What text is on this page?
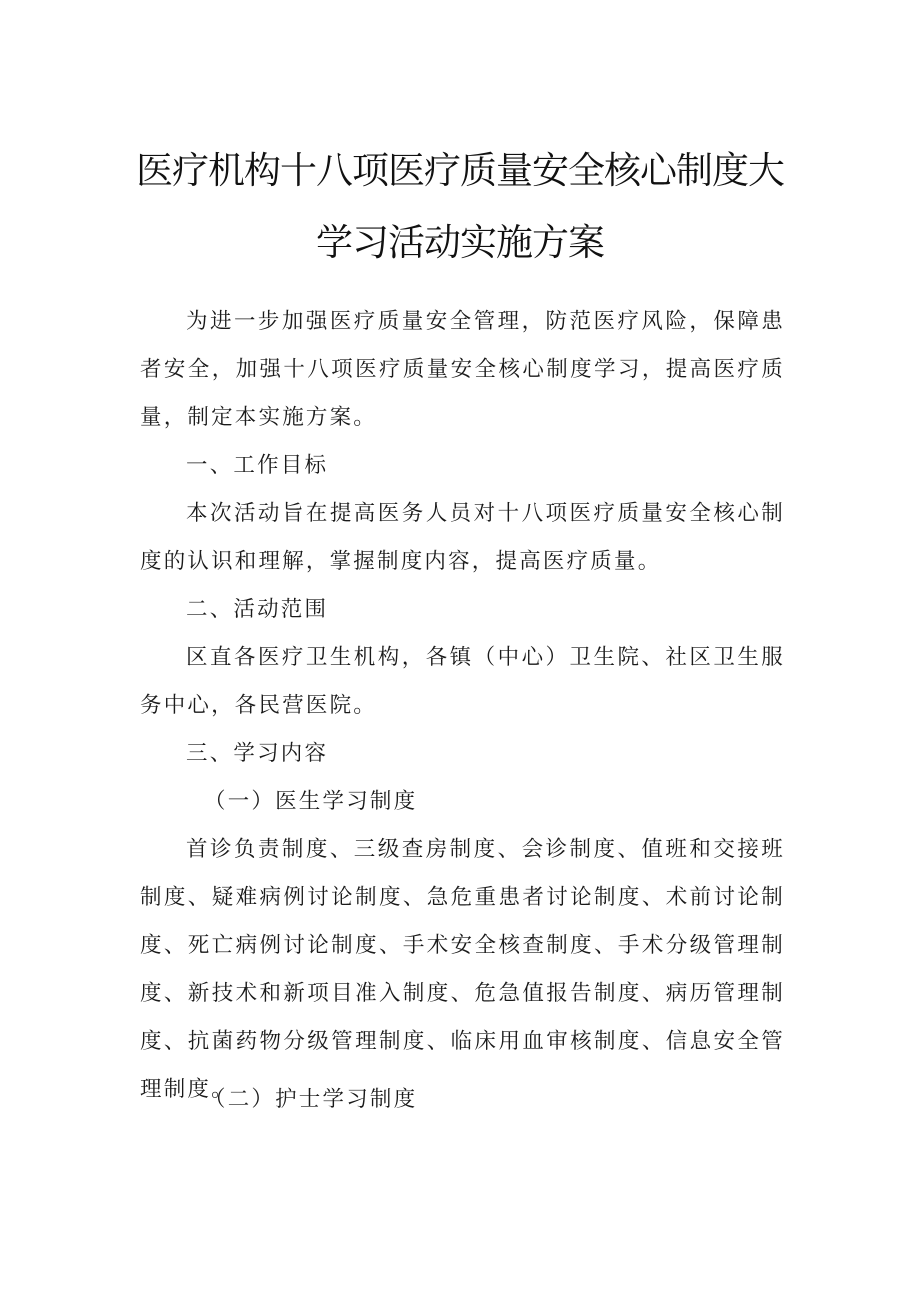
医疗机构十八项医疗质量安全核心制度大
学习活动实施方案

为进一步加强医疗质量安全管理，防范医疗风险，保障患者安全，加强十八项医疗质量安全核心制度学习，提高医疗质量，制定本实施方案。

一、工作目标

本次活动旨在提高医务人员对十八项医疗质量安全核心制度的认识和理解，掌握制度内容，提高医疗质量。

二、活动范围

区直各医疗卫生机构，各镇（中心）卫生院、社区卫生服务中心，各民营医院。

三、学习内容

（一）医生学习制度

首诊负责制度、三级查房制度、会诊制度、值班和交接班制度、疑难病例讨论制度、急危重患者讨论制度、术前讨论制度、死亡病例讨论制度、手术安全核查制度、手术分级管理制度、新技术和新项目准入制度、危急值报告制度、病历管理制度、抗菌药物分级管理制度、临床用血审核制度、信息安全管理制度。

（二）护士学习制度
